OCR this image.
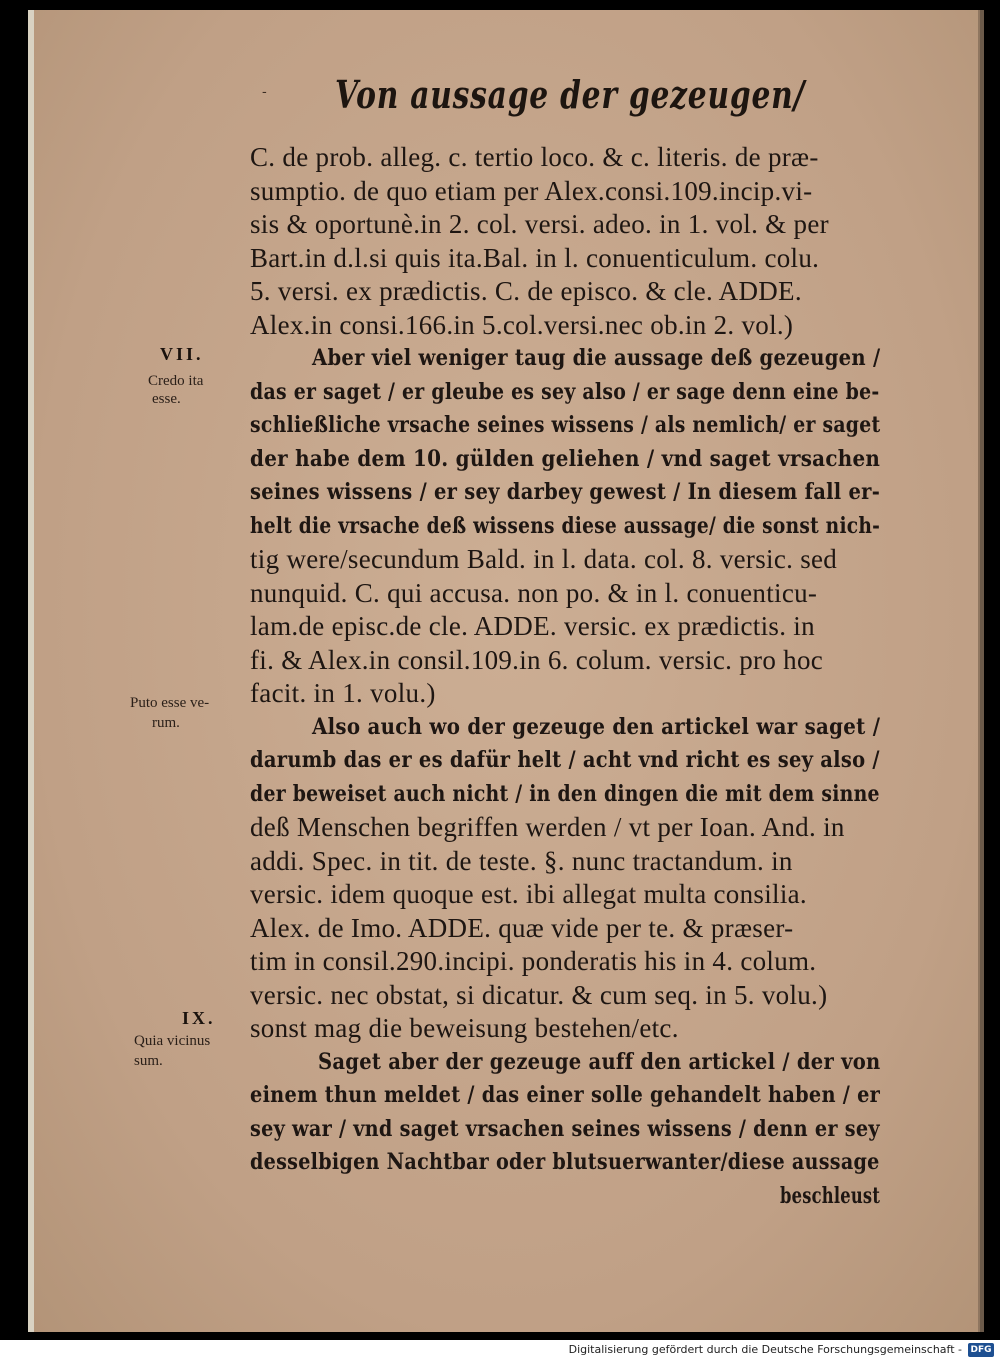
- Von aussage der gezeugen/
C. de prob. alleg. c. tertio loco. & c. literis. de præ-
sumptio. de quo etiam per Alex.consi.109.incip.vi-
sis & oportunè.in 2. col. versi. adeo. in 1. vol. & per
Bart.in d.l.si quis ita.Bal. in l. conuenticulum. colu.
5. versi. ex prædictis. C. de episco. & cle. ADDE.
Alex.in consi.166.in 5.col.versi.nec ob.in 2. vol.)
Aber viel weniger taug die aussage deß gezeugen /
das er saget / er gleube es sey also / er sage denn eine be-
schließliche vrsache seines wissens / als nemlich/ er saget
der habe dem 10. gülden geliehen / vnd saget vrsachen
seines wissens / er sey darbey gewest / In diesem fall er-
helt die vrsache deß wissens diese aussage/ die sonst nich-
tig were/secundum Bald. in l. data. col. 8. versic. sed
nunquid. C. qui accusa. non po. & in l. conuenticu-
lam.de episc.de cle. ADDE. versic. ex prædictis. in
fi. & Alex.in consil.109.in 6. colum. versic. pro hoc
facit. in 1. volu.)
Also auch wo der gezeuge den artickel war saget /
darumb das er es dafür helt / acht vnd richt es sey also /
der beweiset auch nicht / in den dingen die mit dem sinne
deß Menschen begriffen werden / vt per Ioan. And. in
addi. Spec. in tit. de teste. §. nunc tractandum. in
versic. idem quoque est. ibi allegat multa consilia.
Alex. de Imo. ADDE. quæ vide per te. & præser-
tim in consil.290.incipi. ponderatis his in 4. colum.
versic. nec obstat, si dicatur. & cum seq. in 5. volu.)
sonst mag die beweisung bestehen/etc.
Saget aber der gezeuge auff den artickel / der von
einem thun meldet / das einer solle gehandelt haben / er
sey war / vnd saget vrsachen seines wissens / denn er sey
desselbigen Nachtbar oder blutsuerwanter/diese aussage
beschleust
VII.
Credo ita
esse.
Puto esse ve-
rum.
IX.
Quia vicinus
sum.
Digitalisierung gefördert durch die Deutsche Forschungsgemeinschaft - DFG
